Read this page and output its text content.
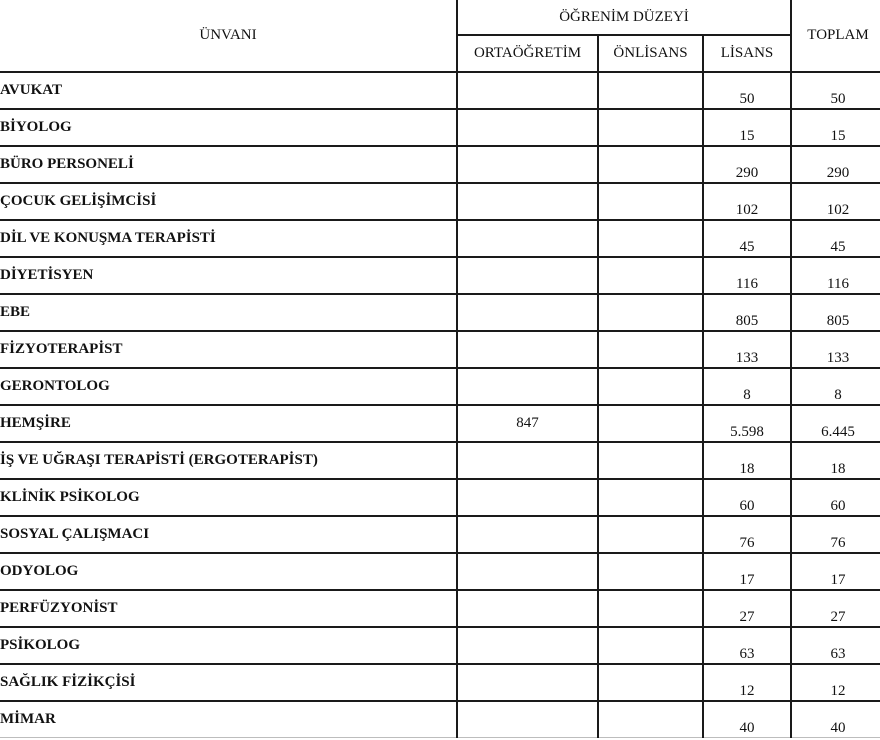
ÜNVANI	ÖĞRENİM DÜZEYİ			TOPLAM
	ORTAÖĞRETİM	ÖNLİSANS	LİSANS	
AVUKAT			50	50
BİYOLOG			15	15
BÜRO PERSONELİ			290	290
ÇOCUK GELİŞİMCİSİ			102	102
DİL VE KONUŞMA TERAPİSTİ			45	45
DİYETİSYEN			116	116
EBE			805	805
FİZYOTERAPİST			133	133
GERONTOLOG			8	8
HEMŞİRE	847		5.598	6.445
İŞ VE UĞRAŞI TERAPİSTİ (ERGOTERAPİST)			18	18
KLİNİK PSİKOLOG			60	60
SOSYAL ÇALIŞMACI			76	76
ODYOLOG			17	17
PERFÜZYONİST			27	27
PSİKOLOG			63	63
SAĞLIK FİZİKÇİSİ			12	12
MİMAR			40	40
